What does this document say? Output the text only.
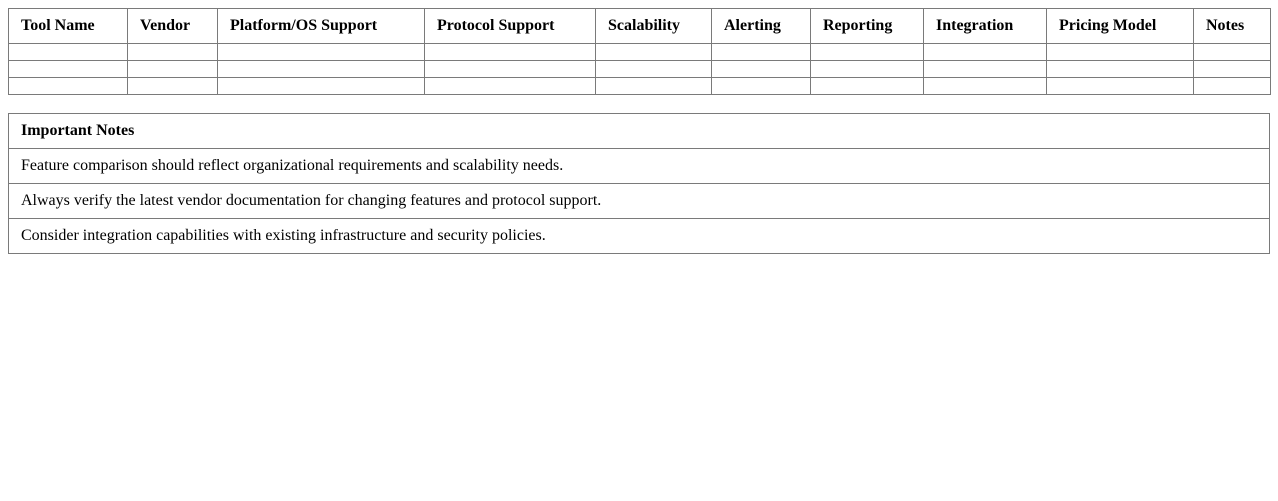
Tool Name	Vendor	Platform/OS Support	Protocol Support	Scalability	Alerting	Reporting	Integration	Pricing Model	Notes

Important Notes
Feature comparison should reflect organizational requirements and scalability needs.
Always verify the latest vendor documentation for changing features and protocol support.
Consider integration capabilities with existing infrastructure and security policies.
